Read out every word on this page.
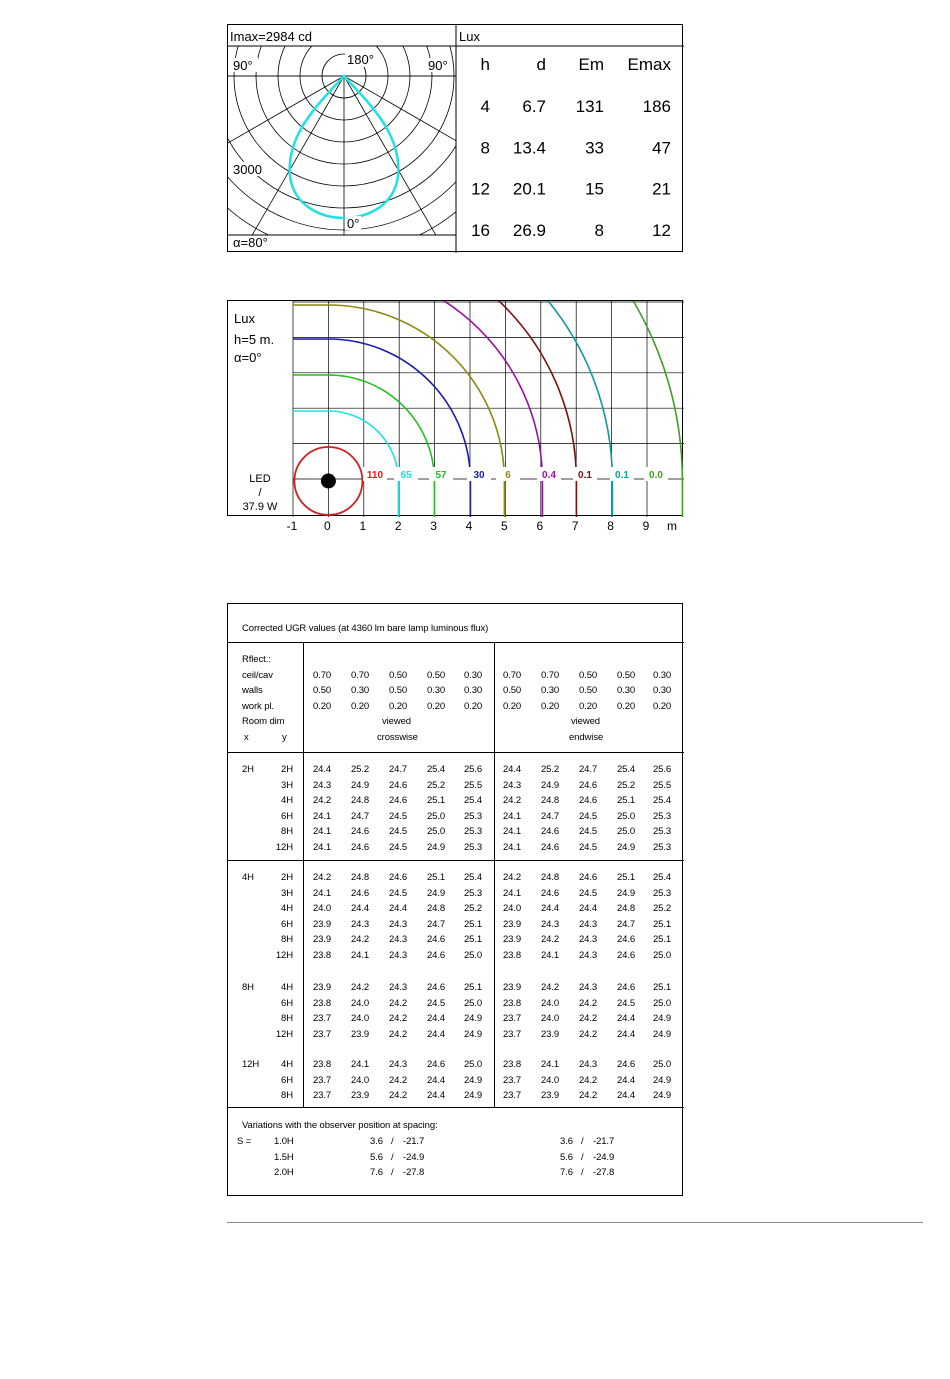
Imax=2984 cd
180°
90°	90°
3000
0°
α=80°
Lux
h	d Em Emax
4 6.7 131 186
8 13.4 33	47
12 20.1 15	21
16 26.9	8	12
110 65 57	30 6	0.4 0.1 0.1 0.0
Lux
h=5 m.
α=0°
LED
/
37.9 W
-1	0	1	2	3	4	5	6	7	8	9	m
Corrected UGR values (at 4360 lm bare lamp luminous flux)
Rflect.:
ceil/cav
walls
work pl.
Room dim
x	y
0.70 0.70 0.50 0.50 0.30 0.70 0.70 0.50 0.50 0.30
0.50 0.30 0.50 0.30 0.30 0.50 0.30 0.50 0.30 0.30
0.20 0.20 0.20 0.20 0.20 0.20 0.20 0.20 0.20 0.20
viewed
crosswise
viewed
endwise
2H	2H 24.4 25.2 24.7 25.4 25.6 24.4 25.2 24.7 25.4 25.6
3H 24.3 24.9 24.6 25.2 25.5 24.3 24.9 24.6 25.2 25.5
4H 24.2 24.8 24.6 25.1 25.4 24.2 24.8 24.6 25.1 25.4
6H 24.1 24.7 24.5 25.0 25.3 24.1 24.7 24.5 25.0 25.3
8H 24.1 24.6 24.5 25.0 25.3 24.1 24.6 24.5 25.0 25.3
12H 24.1 24.6 24.5 24.9 25.3 24.1 24.6 24.5 24.9 25.3
4H	2H 24.2 24.8 24.6 25.1 25.4 24.2 24.8 24.6 25.1 25.4
3H 24.1 24.6 24.5 24.9 25.3 24.1 24.6 24.5 24.9 25.3
4H 24.0 24.4 24.4 24.8 25.2 24.0 24.4 24.4 24.8 25.2
6H 23.9 24.3 24.3 24.7 25.1 23.9 24.3 24.3 24.7 25.1
8H 23.9 24.2 24.3 24.6 25.1 23.9 24.2 24.3 24.6 25.1
12H 23.8 24.1 24.3 24.6 25.0 23.8 24.1 24.3 24.6 25.0
8H	4H 23.9 24.2 24.3 24.6 25.1 23.9 24.2 24.3 24.6 25.1
6H 23.8 24.0 24.2 24.5 25.0 23.8 24.0 24.2 24.5 25.0
8H 23.7 24.0 24.2 24.4 24.9 23.7 24.0 24.2 24.4 24.9
12H 23.7 23.9 24.2 24.4 24.9 23.7 23.9 24.2 24.4 24.9
12H 4H 23.8 24.1 24.3 24.6 25.0 23.8 24.1 24.3 24.6 25.0
6H 23.7 24.0 24.2 24.4 24.9 23.7 24.0 24.2 24.4 24.9
8H 23.7 23.9 24.2 24.4 24.9 23.7 23.9 24.2 24.4 24.9
Variations with the observer position at spacing:
S = 1.0H	3.6 / -21.7	3.6 / -21.7
1.5H	5.6 / -24.9	5.6 / -24.9
2.0H	7.6 / -27.8	7.6 / -27.8
